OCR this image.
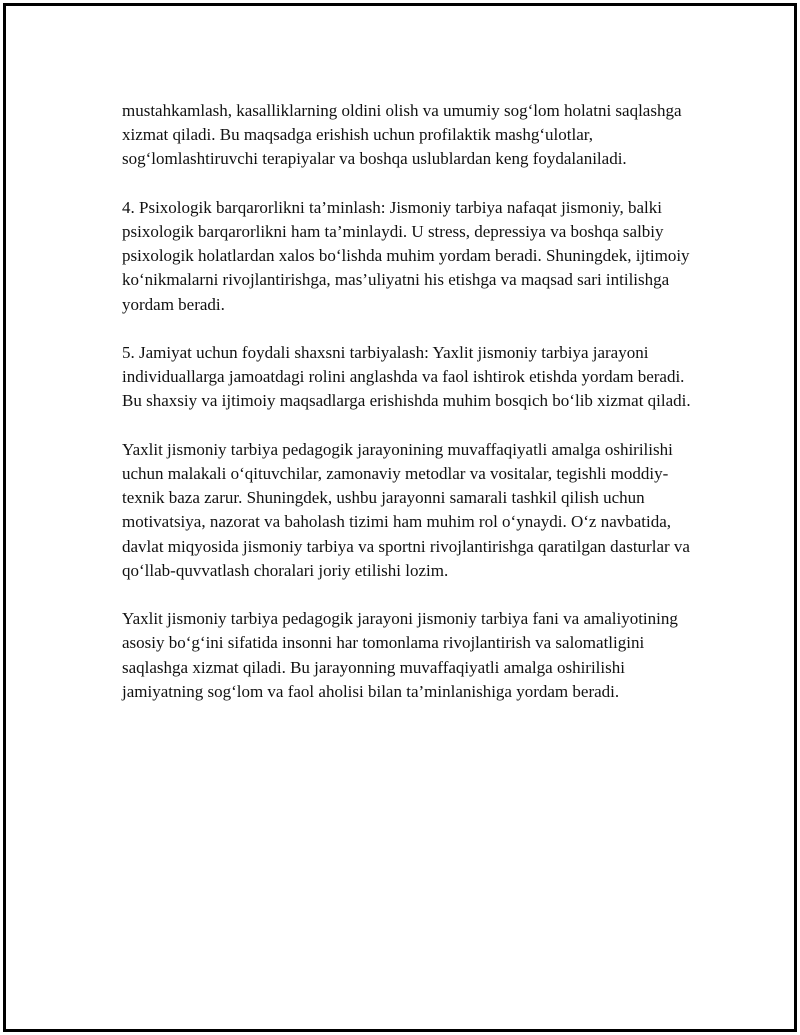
mustahkamlash, kasalliklarning oldini olish va umumiy sog‘lom holatni saqlashga xizmat qiladi. Bu maqsadga erishish uchun profilaktik mashg‘ulotlar, sog‘lomlashtiruvchi terapiyalar va boshqa uslublardan keng foydalaniladi.

4. Psixologik barqarorlikni ta’minlash: Jismoniy tarbiya nafaqat jismoniy, balki psixologik barqarorlikni ham ta’minlaydi. U stress, depressiya va boshqa salbiy psixologik holatlardan xalos bo‘lishda muhim yordam beradi. Shuningdek, ijtimoiy ko‘nikmalarni rivojlantirishga, mas’uliyatni his etishga va maqsad sari intilishga yordam beradi.

5. Jamiyat uchun foydali shaxsni tarbiyalash: Yaxlit jismoniy tarbiya jarayoni individuallarga jamoatdagi rolini anglashda va faol ishtirok etishda yordam beradi. Bu shaxsiy va ijtimoiy maqsadlarga erishishda muhim bosqich bo‘lib xizmat qiladi.

Yaxlit jismoniy tarbiya pedagogik jarayonining muvaffaqiyatli amalga oshirilishi uchun malakali o‘qituvchilar, zamonaviy metodlar va vositalar, tegishli moddiy-texnik baza zarur. Shuningdek, ushbu jarayonni samarali tashkil qilish uchun motivatsiya, nazorat va baholash tizimi ham muhim rol o‘ynaydi. O‘z navbatida, davlat miqyosida jismoniy tarbiya va sportni rivojlantirishga qaratilgan dasturlar va qo‘llab-quvvatlash choralari joriy etilishi lozim.

Yaxlit jismoniy tarbiya pedagogik jarayoni jismoniy tarbiya fani va amaliyotining asosiy bo‘g‘ini sifatida insonni har tomonlama rivojlantirish va salomatligini saqlashga xizmat qiladi. Bu jarayonning muvaffaqiyatli amalga oshirilishi jamiyatning sog‘lom va faol aholisi bilan ta’minlanishiga yordam beradi.
